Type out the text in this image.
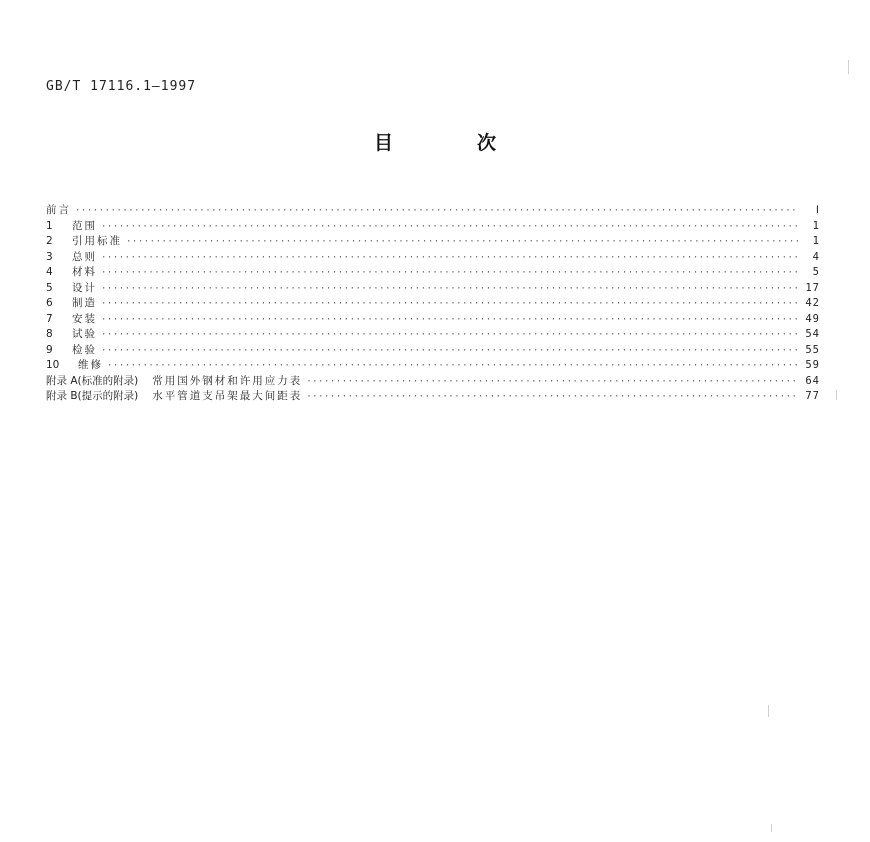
GB/T 17116.1—1997
目	次
前言 ·····	Ⅰ
1	范围 ·····	1
2	引用标准 ·····	1
3	总则 ·····	4
4	材料 ·····	5
5	设计 ·····	17
6	制造 ·····	42
7	安装 ·····	49
8	试验 ·····	54
9	检验 ·····	55
10	维修 ·····	59
附录 A(标准的附录) 常用国外钢材和许用应力表 ·····	64
附录 B(提示的附录) 水平管道支吊架最大间距表 ·····	77
